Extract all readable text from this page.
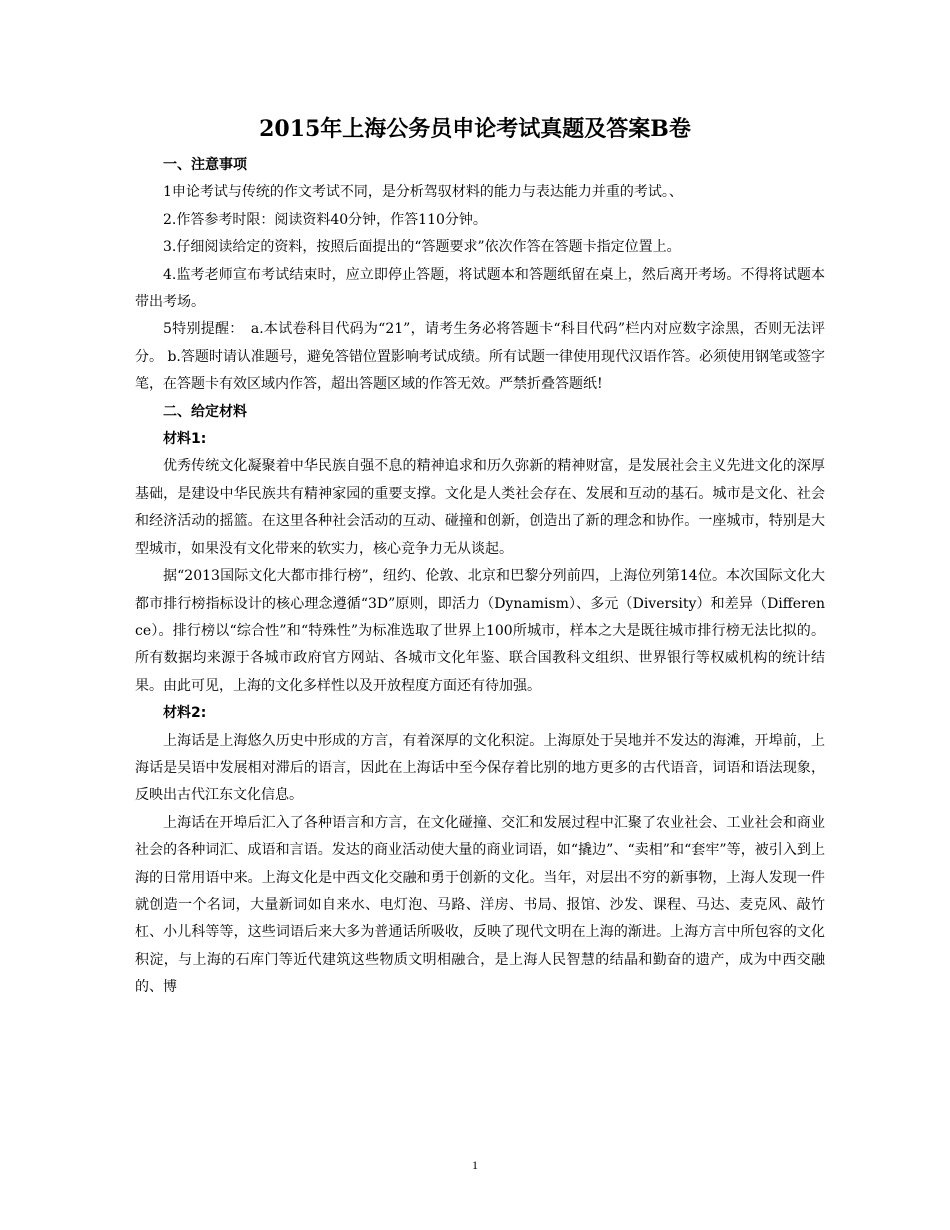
2015年上海公务员申论考试真题及答案B卷

一、注意事项

1申论考试与传统的作文考试不同，是分析驾驭材料的能力与表达能力并重的考试。、

2.作答参考时限：阅读资料40分钟，作答110分钟。

3.仔细阅读给定的资料，按照后面提出的“答题要求”依次作答在答题卡指定位置上。

4.监考老师宣布考试结束时，应立即停止答题，将试题本和答题纸留在桌上，然后离开考场。不得将试题本带出考场。

5特别提醒：　a.本试卷科目代码为“21”，请考生务必将答题卡“科目代码”栏内对应数字涂黑，否则无法评分。 b.答题时请认准题号，避免答错位置影响考试成绩。所有试题一律使用现代汉语作答。必须使用钢笔或签字笔，在答题卡有效区域内作答，超出答题区域的作答无效。严禁折叠答题纸!

二、给定材料

材料1:

优秀传统文化凝聚着中华民族自强不息的精神追求和历久弥新的精神财富，是发展社会主义先进文化的深厚基础，是建设中华民族共有精神家园的重要支撑。文化是人类社会存在、发展和互动的基石。城市是文化、社会和经济活动的摇篮。在这里各种社会活动的互动、碰撞和创新，创造出了新的理念和协作。一座城市，特别是大型城市，如果没有文化带来的软实力，核心竞争力无从谈起。

据“2013国际文化大都市排行榜”，纽约、伦敦、北京和巴黎分列前四，上海位列第14位。本次国际文化大都市排行榜指标设计的核心理念遵循“3D”原则，即活力（Dynamism）、多元（Diversity）和差异（Difference）。排行榜以“综合性”和“特殊性”为标准选取了世界上100所城市，样本之大是既往城市排行榜无法比拟的。所有数据均来源于各城市政府官方网站、各城市文化年鉴、联合国教科文组织、世界银行等权威机构的统计结果。由此可见，上海的文化多样性以及开放程度方面还有待加强。

材料2:

上海话是上海悠久历史中形成的方言，有着深厚的文化积淀。上海原处于吴地并不发达的海滩，开埠前，上海话是吴语中发展相对滞后的语言，因此在上海话中至今保存着比别的地方更多的古代语音，词语和语法现象，反映出古代江东文化信息。

上海话在开埠后汇入了各种语言和方言，在文化碰撞、交汇和发展过程中汇聚了农业社会、工业社会和商业社会的各种词汇、成语和言语。发达的商业活动使大量的商业词语，如“撬边”、“卖相”和“套牢”等，被引入到上海的日常用语中来。上海文化是中西文化交融和勇于创新的文化。当年，对层出不穷的新事物，上海人发现一件就创造一个名词，大量新词如自来水、电灯泡、马路、洋房、书局、报馆、沙发、课程、马达、麦克风、敲竹杠、小儿科等等，这些词语后来大多为普通话所吸收，反映了现代文明在上海的渐进。上海方言中所包容的文化积淀，与上海的石库门等近代建筑这些物质文明相融合，是上海人民智慧的结晶和勤奋的遗产，成为中西交融的、博

1
